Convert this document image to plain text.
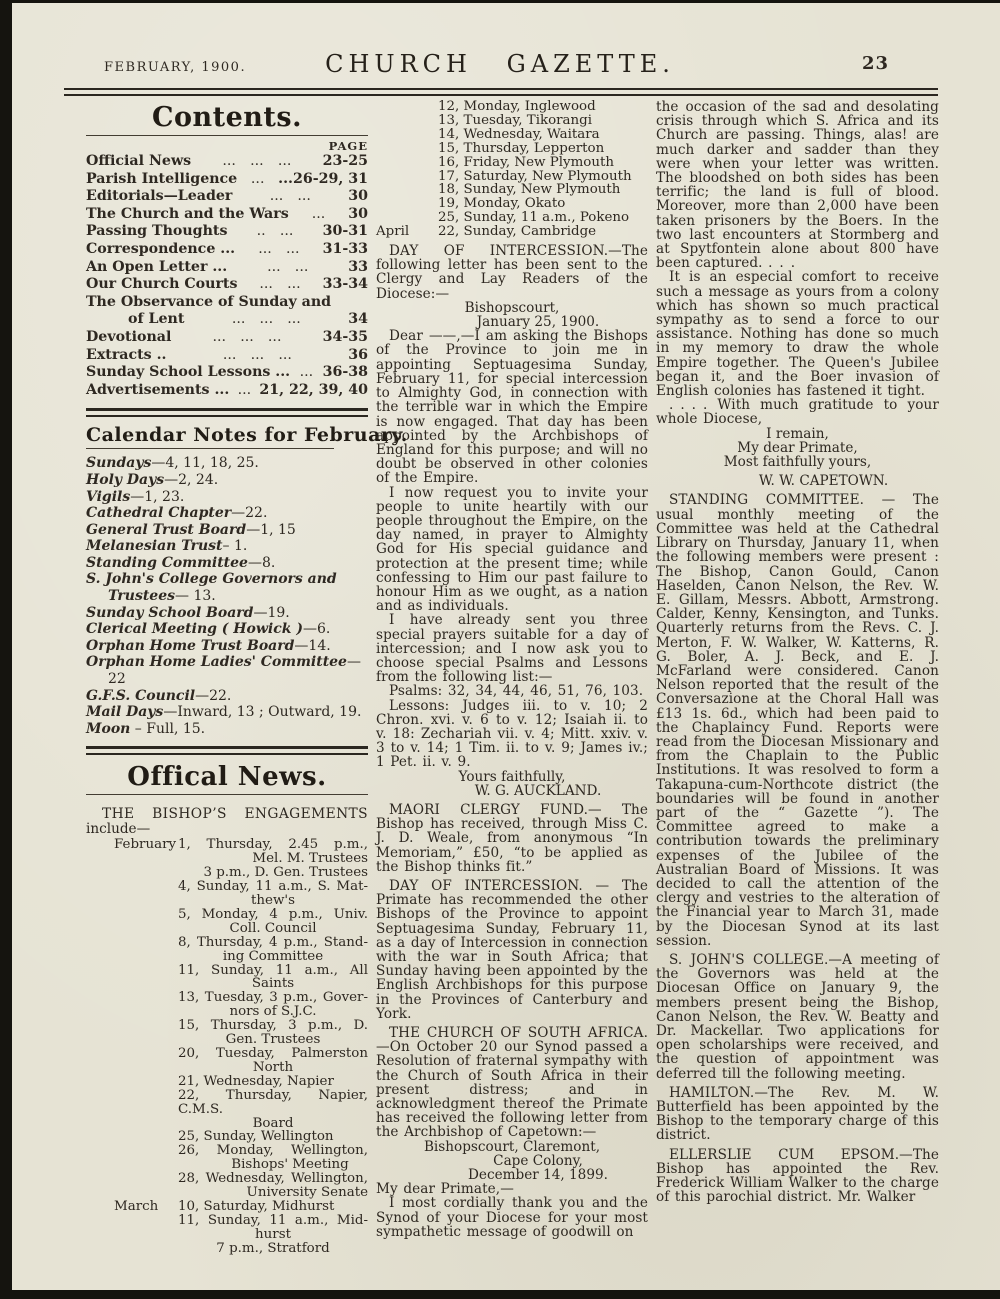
FEBRUARY, 1900.	CHURCH GAZETTE.	23
Contents.
PAGE
Official News	... ... ...	23-25
Parish Intelligence ... ...26-29, 31
Editorials—Leader	... ...	30
The Church and the Wars	...	30
Passing Thoughts	.. ...	30-31
Correspondence ...	... ...	31-33
An Open Letter ...	... ...	33
Our Church Courts	... ...	33-34
The Observance of Sunday and
of Lent	... ... ...	34
Devotional	... ... ...	34-35
Extracts ..	... ... ...	36
Sunday School Lessons ... ... 36-38
Advertisements ... ... 21, 22, 39, 40
Calendar Notes for February.
Sundays—4, 11, 18, 25.
Holy Days—2, 24.
Vigils—1, 23.
Cathedral Chapter—22.
General Trust Board—1, 15
Melanesian Trust– 1.
Standing Committee—8.
S. John's College Governors and Trustees— 13.
Sunday School Board—19.
Clerical Meeting ( Howick )—6.
Orphan Home Trust Board—14.
Orphan Home Ladies' Committee—22
G.F.S. Council—22.
Mail Days—Inward, 13 ; Outward, 19.
Moon – Full, 15.
Offical News.
THE BISHOP’S ENGAGEMENTS
include—
February 1, Thursday, 2.45 p.m.,
Mel. M. Trustees
3 p.m., D. Gen. Trustees
4, Sunday, 11 a.m., S. Mat-
thew's
5, Monday, 4 p.m., Univ.
Coll. Council
8, Thursday, 4 p.m., Stand-
ing Committee
11, Sunday, 11 a.m., All
Saints
13, Tuesday, 3 p.m., Gover-
nors of S.J.C.
15, Thursday, 3 p.m., D.
Gen. Trustees
20, Tuesday, Palmerston
North
21, Wednesday, Napier
22, Thursday, Napier, C.M.S.
Board
25, Sunday, Wellington
26, Monday, Wellington,
Bishops' Meeting
28, Wednesday, Wellington,
University Senate
March	10, Saturday, Midhurst
11, Sunday, 11 a.m., Mid-
hurst
7 p.m., Stratford
12, Monday, Inglewood
13, Tuesday, Tikorangi
14, Wednesday, Waitara
15, Thursday, Lepperton
16, Friday, New Plymouth
17, Saturday, New Plymouth
18, Sunday, New Plymouth
19, Monday, Okato
25, Sunday, 11 a.m., Pokeno
April	22, Sunday, Cambridge
DAY OF INTERCESSION.—The following letter has been sent to the Clergy and Lay Readers of the Diocese:—
Bishopscourt,
January 25, 1900.
Dear ——,—I am asking the Bishops of the Province to join me in appointing Septuagesima Sunday, February 11, for special intercession to Almighty God, in connection with the terrible war in which the Empire is now engaged. That day has been appointed by the Archbishops of England for this purpose; and will no doubt be observed in other colonies of the Empire.
I now request you to invite your people to unite heartily with our people throughout the Empire, on the day named, in prayer to Almighty God for His special guidance and protection at the present time; while confessing to Him our past failure to honour Him as we ought, as a nation and as individuals.
I have already sent you three special prayers suitable for a day of intercession; and I now ask you to choose special Psalms and Lessons from the following list:—
Psalms: 32, 34, 44, 46, 51, 76, 103.
Lessons: Judges iii. to v. 10; 2 Chron. xvi. v. 6 to v. 12; Isaiah ii. to v. 18: Zechariah vii. v. 4; Mitt. xxiv. v. 3 to v. 14; 1 Tim. ii. to v. 9; James iv.; 1 Pet. ii. v. 9.
Yours faithfully,
W. G. AUCKLAND.
MAORI CLERGY FUND.— The Bishop has received, through Miss C. J. D. Weale, from anonymous “In Memoriam,” £50, “to be applied as the Bishop thinks fit.”
DAY OF INTERCESSION. — The Primate has recommended the other Bishops of the Province to appoint Septuagesima Sunday, February 11, as a day of Intercession in connection with the war in South Africa; that Sunday having been appointed by the English Archbishops for this purpose in the Provinces of Canterbury and York.
THE CHURCH OF SOUTH AFRICA. —On October 20 our Synod passed a Resolution of fraternal sympathy with the Church of South Africa in their present distress; and in acknowledgment thereof the Primate has received the following letter from the Archbishop of Capetown:—
Bishopscourt, Claremont,
Cape Colony,
December 14, 1899.
My dear Primate,—
I most cordially thank you and the Synod of your Diocese for your most sympathetic message of goodwill on
the occasion of the sad and desolating crisis through which S. Africa and its Church are passing. Things, alas! are much darker and sadder than they were when your letter was written. The bloodshed on both sides has been terrific; the land is full of blood. Moreover, more than 2,000 have been taken prisoners by the Boers. In the two last encounters at Stormberg and at Spytfontein alone about 800 have been captured. . . .
It is an especial comfort to receive such a message as yours from a colony which has shown so much practical sympathy as to send a force to our assistance. Nothing has done so much in my memory to draw the whole Empire together. The Queen's Jubilee began it, and the Boer invasion of English colonies has fastened it tight.
. . . . With much gratitude to your whole Diocese,
I remain,
My dear Primate,
Most faithfully yours,
W. W. CAPETOWN.
STANDING COMMITTEE. — The usual monthly meeting of the Committee was held at the Cathedral Library on Thursday, January 11, when the following members were present : The Bishop, Canon Gould, Canon Haselden, Canon Nelson, the Rev. W. E. Gillam, Messrs. Abbott, Armstrong. Calder, Kenny, Kensington, and Tunks. Quarterly returns from the Revs. C. J. Merton, F. W. Walker, W. Katterns, R. G. Boler, A. J. Beck, and E. J. McFarland were considered. Canon Nelson reported that the result of the Conversazione at the Choral Hall was £13 1s. 6d., which had been paid to the Chaplaincy Fund. Reports were read from the Diocesan Missionary and from the Chaplain to the Public Institutions. It was resolved to form a Takapuna-cum-Northcote district (the boundaries will be found in another part of the “ Gazette ”). The Committee agreed to make a contribution towards the preliminary expenses of the Jubilee of the Australian Board of Missions. It was decided to call the attention of the clergy and vestries to the alteration of the Financial year to March 31, made by the Diocesan Synod at its last session.
S. JOHN'S COLLEGE.—A meeting of the Governors was held at the Diocesan Office on January 9, the members present being the Bishop, Canon Nelson, the Rev. W. Beatty and Dr. Mackellar. Two applications for open scholarships were received, and the question of appointment was deferred till the following meeting.
HAMILTON.—The Rev. M. W. Butterfield has been appointed by the Bishop to the temporary charge of this district.
ELLERSLIE CUM EPSOM.—The Bishop has appointed the Rev. Frederick William Walker to the charge of this parochial district. Mr. Walker
